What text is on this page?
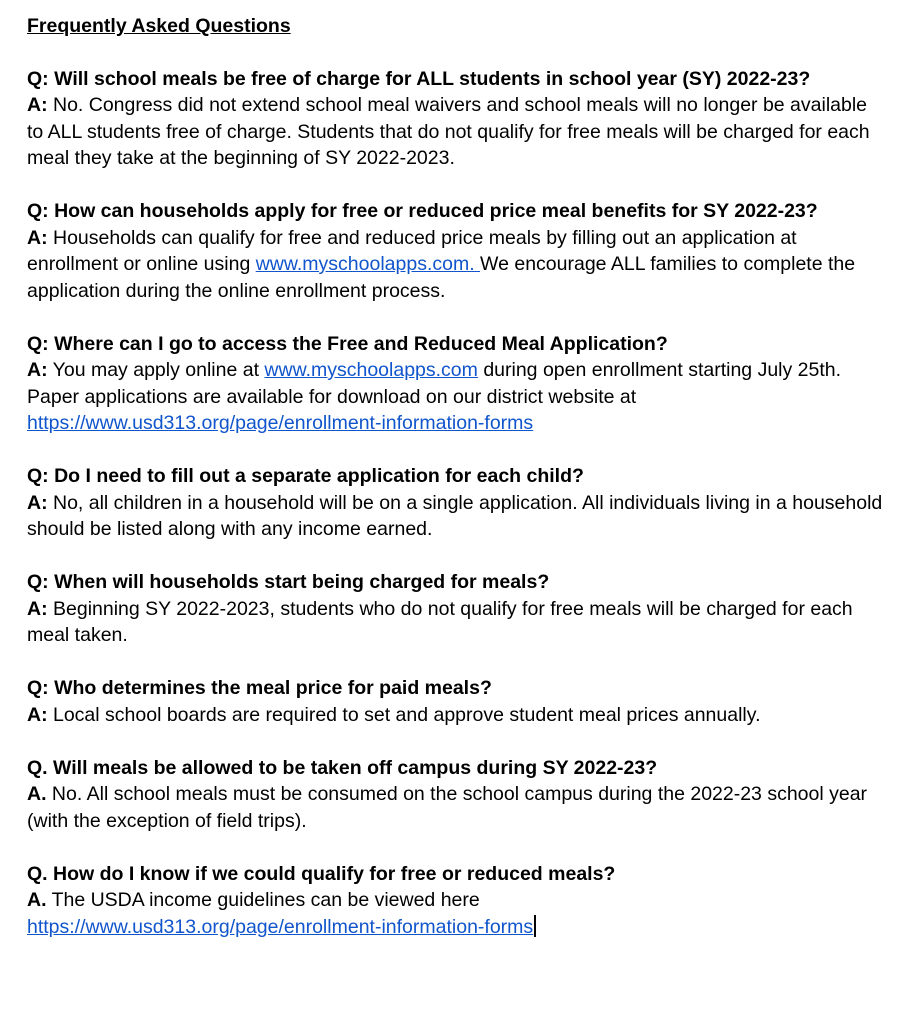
Frequently Asked Questions
Q: Will school meals be free of charge for ALL students in school year (SY) 2022-23?
A: No. Congress did not extend school meal waivers and school meals will no longer be available to ALL students free of charge. Students that do not qualify for free meals will be charged for each meal they take at the beginning of SY 2022-2023.
Q: How can households apply for free or reduced price meal benefits for SY 2022-23?
A: Households can qualify for free and reduced price meals by filling out an application at enrollment or online using www.myschoolapps.com. We encourage ALL families to complete the application during the online enrollment process.
Q: Where can I go to access the Free and Reduced Meal Application?
A: You may apply online at www.myschoolapps.com during open enrollment starting July 25th. Paper applications are available for download on our district website at https://www.usd313.org/page/enrollment-information-forms
Q: Do I need to fill out a separate application for each child?
A: No, all children in a household will be on a single application. All individuals living in a household should be listed along with any income earned.
Q: When will households start being charged for meals?
A: Beginning SY 2022-2023, students who do not qualify for free meals will be charged for each meal taken.
Q: Who determines the meal price for paid meals?
A: Local school boards are required to set and approve student meal prices annually.
Q. Will meals be allowed to be taken off campus during SY 2022-23?
A. No. All school meals must be consumed on the school campus during the 2022-23 school year (with the exception of field trips).
Q. How do I know if we could qualify for free or reduced meals?
A. The USDA income guidelines can be viewed here
https://www.usd313.org/page/enrollment-information-forms
